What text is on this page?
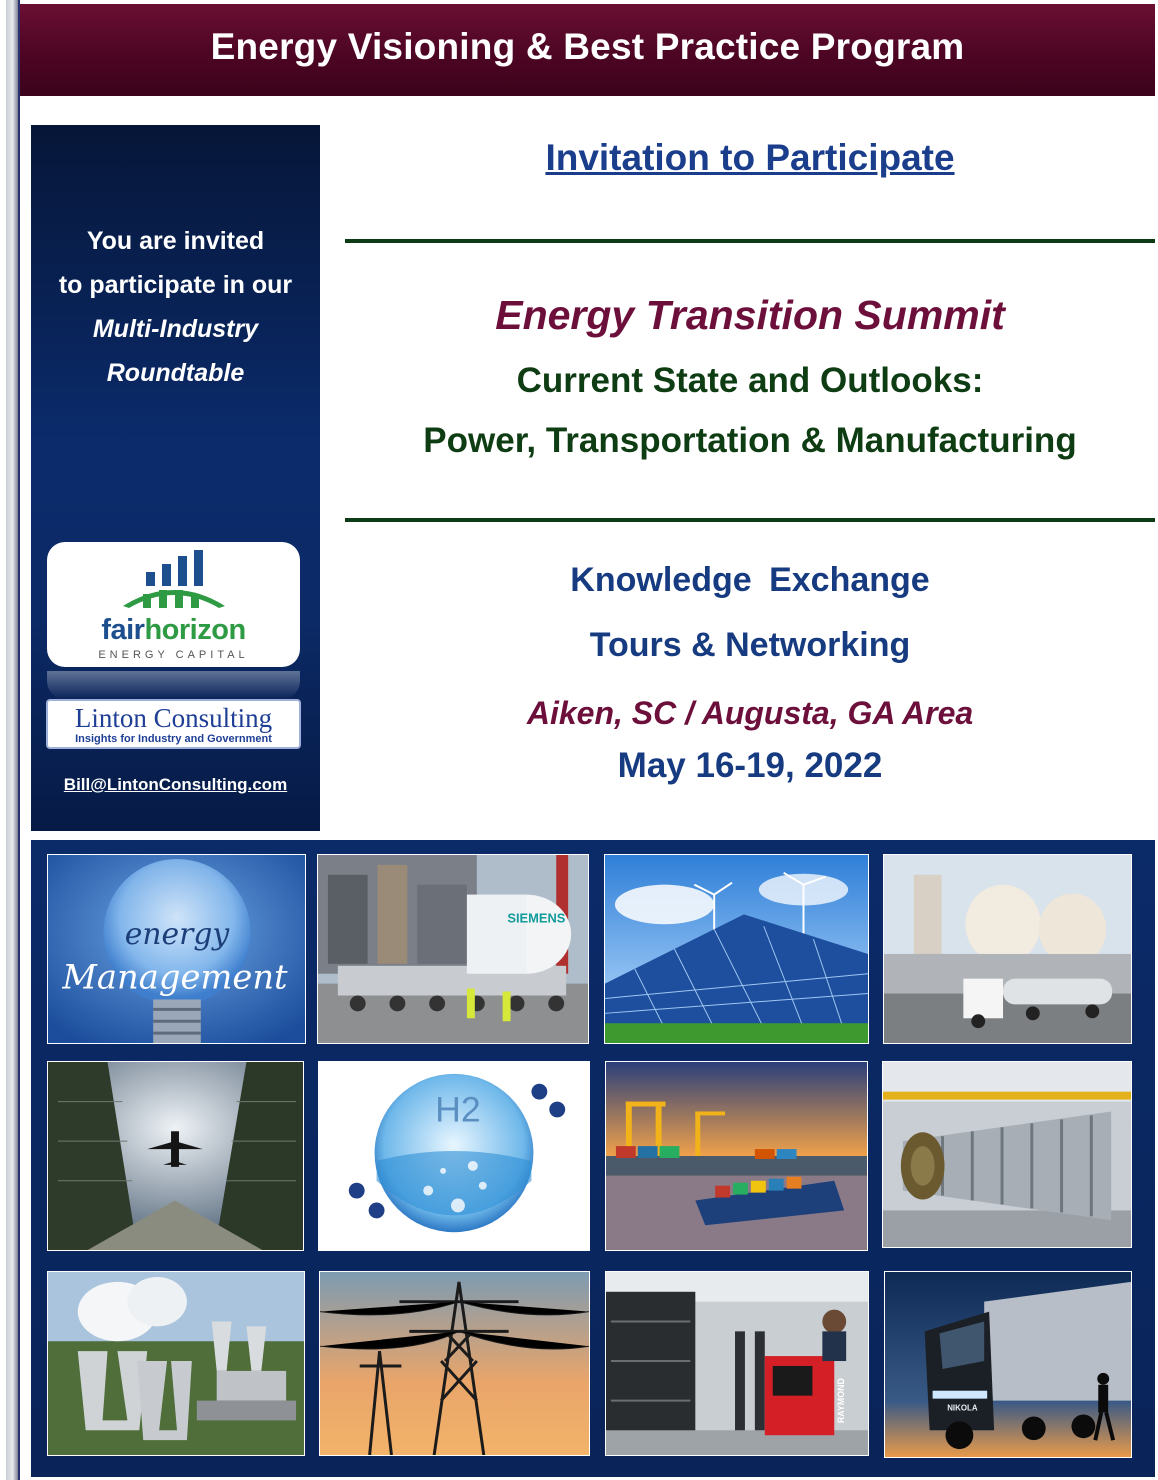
Energy Visioning & Best Practice Program
You are invited
to participate in our
Multi-Industry
Roundtable
fairhorizon
ENERGY CAPITAL
Linton Consulting
Insights for Industry and Government
Bill@LintonConsulting.com
Invitation to Participate
Energy Transition Summit
Current State and Outlooks:
Power, Transportation & Manufacturing
Knowledge Exchange
Tours & Networking
Aiken, SC / Augusta, GA Area
May 16-19, 2022
energy
Management
SIEMENS
H2
RAYMOND	NIKOLA
